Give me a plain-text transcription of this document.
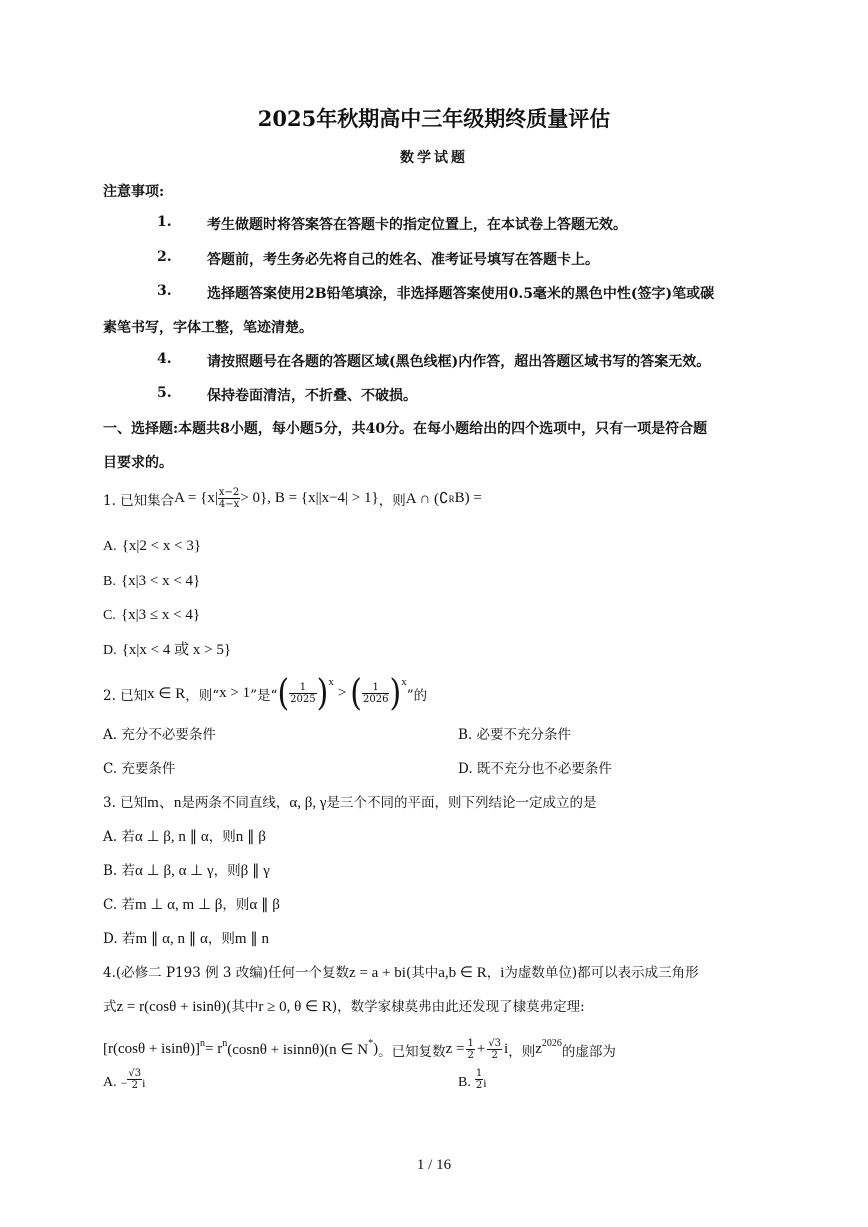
2025年秋期高中三年级期终质量评估
数学试题
注意事项:
1.	考生做题时将答案答在答题卡的指定位置上，在本试卷上答题无效。
2.	答题前，考生务必先将自己的姓名、准考证号填写在答题卡上。
3.	选择题答案使用2B铅笔填涂，非选择题答案使用0.5毫米的黑色中性(签字)笔或碳
素笔书写，字体工整，笔迹清楚。
4.	请按照题号在各题的答题区域(黑色线框)内作答，超出答题区域书写的答案无效。
5.	保持卷面清洁，不折叠、不破损。
一、选择题:本题共8小题，每小题5分，共40分。在每小题给出的四个选项中，只有一项是符合题
目要求的。
1. 已知集合 $A = \{x| \frac{x-2}{4-x} > 0\}$ , B = {x||x−4| > 1} ，则 A ∩ (∁ R B) =
A. {x|2 < x < 3}
B. {x|3 < x < 4}
C. {x|3 ≤ x < 4}
D. {x|x < 4 或 x > 5}
2. 已知 x ∈ R ，则“ x > 1 ”是“ ( $\frac{1}{2025} )^x$
> ( $\frac{1}{2026} )^x$
”的
A. 充分不必要条件	B. 必要不充分条件
C. 充要条件	D. 既不充分也不必要条件
3. 已知m、n是两条不同直线，α, β, γ是三个不同的平面，则下列结论一定成立的是
A. 若α ⊥ β, n ∥ α，则n ∥ β
B. 若α ⊥ β, α ⊥ γ，则β ∥ γ
C. 若m ⊥ α, m ⊥ β，则α ∥ β
D. 若m ∥ α, n ∥ α，则m ∥ n
4.(必修二 P193 例 3 改编)任何一个复数z = a + bi(其中a,b ∈ R，i为虚数单位)都可以表示成三角形
式z = r(cosθ + isinθ)(其中r ≥ 0, θ ∈ R)，数学家棣莫弗由此还发现了棣莫弗定理:
$[r(\cos\theta + isin\theta)]^n = r^n$ (cosnθ + isinnθ)(n ∈ N* ) 。已知复数 $z = \frac{1}{2} + \frac{√3}{2}$ i ，则 $z^{2026}$ 的虚部为
A. − $\frac{√3}{2}$ i	B. $\frac{1}{2}$ i
1 / 16
